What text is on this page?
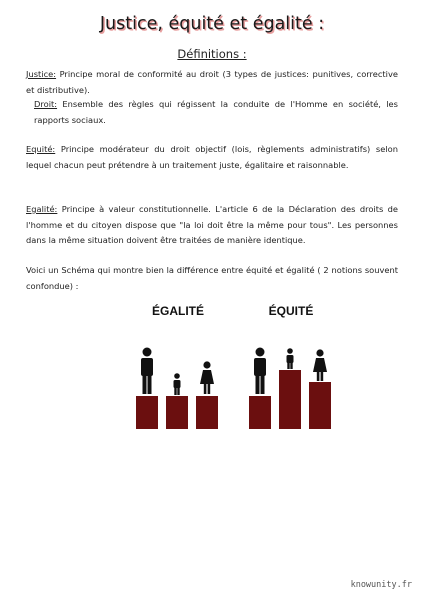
Justice, équité et égalité :
Définitions :
Justice: Principe moral de conformité au droit (3 types de justices: punitives, corrective et distributive).
Droit: Ensemble des règles qui régissent la conduite de l'Homme en société, les rapports sociaux.
Equité: Principe modérateur du droit objectif (lois, règlements administratifs) selon lequel chacun peut prétendre à un traitement juste, égalitaire et raisonnable.
Egalité: Principe à valeur constitutionnelle. L'article 6 de la Déclaration des droits de l'homme et du citoyen dispose que "la loi doit être la même pour tous". Les personnes dans la même situation doivent être traitées de manière identique.
Voici un Schéma qui montre bien la différence entre équité et égalité ( 2 notions souvent confondue) :
ÉGALITÉ	ÉQUITÉ
knowunity.fr
